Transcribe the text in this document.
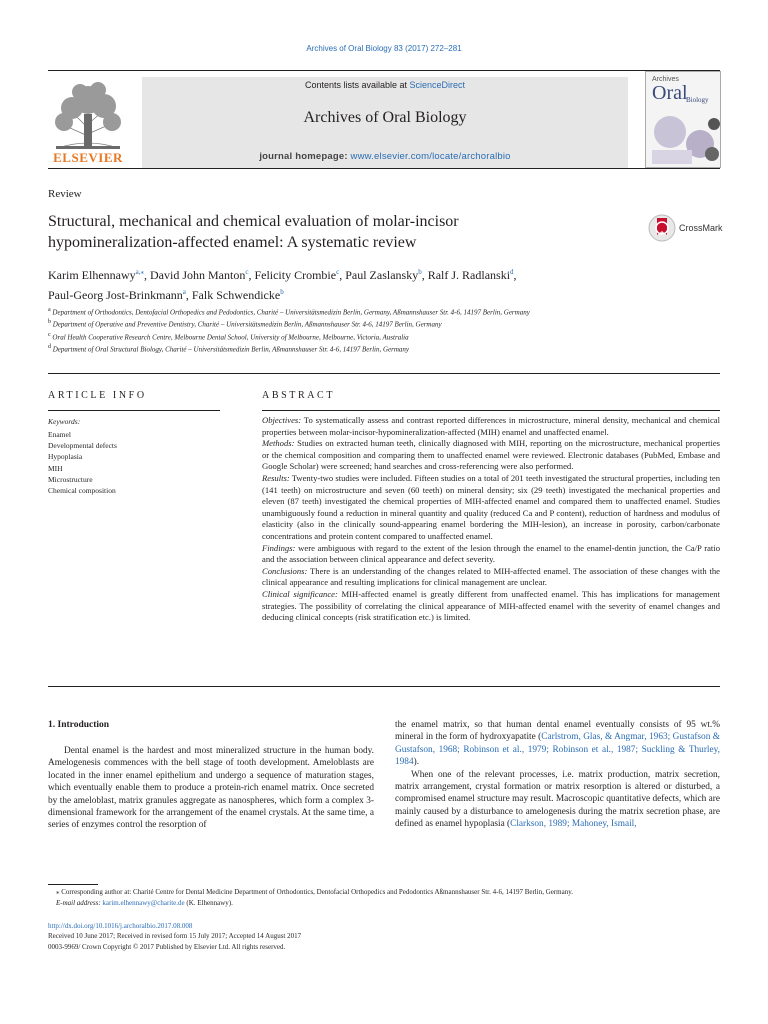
Archives of Oral Biology 83 (2017) 272–281
ELSEVIER
Contents lists available at ScienceDirect
Archives of Oral Biology
journal homepage: www.elsevier.com/locate/archoralbio
Archives
Oral
Biology
Review
Structural, mechanical and chemical evaluation of molar-incisor
hypomineralization-affected enamel: A systematic review
CrossMark
Karim Elhennawy$^{a,⁎}$, David John Manton$^c$, Felicity Crombie$^c$, Paul Zaslansky$^b$, Ralf J. Radlanski$^d$,
Paul-Georg Jost-Brinkmann$^a$, Falk Schwendicke$^b$
$^a$ Department of Orthodontics, Dentofacial Orthopedics and Pedodontics, Charité – Universitätsmedizin Berlin, Germany, Aßmannshauser Str. 4-6, 14197 Berlin, Germany
$^b$ Department of Operative and Preventive Dentistry, Charité – Universitätsmedizin Berlin, Aßmannshauser Str. 4-6, 14197 Berlin, Germany
$^c$ Oral Health Cooperative Research Centre, Melbourne Dental School, University of Melbourne, Melbourne, Victoria, Australia
$^d$ Department of Oral Structural Biology, Charité – Universitätsmedizin Berlin, Aßmannshauser Str. 4-6, 14197 Berlin, Germany
ARTICLE INFO	ABSTRACT
Keywords:
Enamel
Developmental defects
Hypoplasia
MIH
Microstructure
Chemical composition

Objectives: To systematically assess and contrast reported differences in microstructure, mineral density, mechanical and chemical properties between molar-incisor-hypomineralization-affected (MIH) enamel and unaffected enamel.

Methods: Studies on extracted human teeth, clinically diagnosed with MIH, reporting on the microstructure, mechanical properties or the chemical composition and comparing them to unaffected enamel were reviewed. Electronic databases (PubMed, Embase and Google Scholar) were screened; hand searches and cross-referencing were also performed.

Results: Twenty-two studies were included. Fifteen studies on a total of 201 teeth investigated the structural properties, including ten (141 teeth) on microstructure and seven (60 teeth) on mineral density; six (29 teeth) investigated the mechanical properties and eleven (87 teeth) investigated the chemical properties of MIH-affected enamel and compared them to unaffected enamel. Studies unambiguously found a reduction in mineral quantity and quality (reduced Ca and P content), reduction of hardness and modulus of elasticity (also in the clinically sound-appearing enamel bordering the MIH-lesion), an increase in porosity, carbon/carbonate concentrations and protein content compared to unaffected enamel.

Findings: were ambiguous with regard to the extent of the lesion through the enamel to the enamel-dentin junction, the Ca/P ratio and the association between clinical appearance and defect severity.

Conclusions: There is an understanding of the changes related to MIH-affected enamel. The association of these changes with the clinical appearance and resulting implications for clinical management are unclear.

Clinical significance: MIH-affected enamel is greatly different from unaffected enamel. This has implications for management strategies. The possibility of correlating the clinical appearance of MIH-affected enamel with the severity of enamel changes and deducing clinical concepts (risk stratification etc.) is limited.

1. Introduction
Dental enamel is the hardest and most mineralized structure in the human body. Amelogenesis commences with the bell stage of tooth development. Ameloblasts are located in the inner enamel epithelium and undergo a sequence of maturation stages, which eventually enable them to produce a protein-rich enamel matrix. Once secreted by the ameloblast, matrix granules aggregate as nanospheres, which form a complex 3-dimensional framework for the arrangement of the enamel crystals. At the same time, a series of enzymes control the resorption of
the enamel matrix, so that human dental enamel eventually consists of 95 wt.% mineral in the form of hydroxyapatite (Carlstrom, Glas, & Angmar, 1963; Gustafson & Gustafson, 1968; Robinson et al., 1979; Robinson et al., 1987; Suckling & Thurley, 1984).
When one of the relevant processes, i.e. matrix production, matrix secretion, matrix arrangement, crystal formation or matrix resorption is altered or disturbed, a compromised enamel structure may result. Macroscopic quantitative defects, which are mainly caused by a disturbance to amelogenesis during the matrix secretion phase, are defined as enamel hypoplasia (Clarkson, 1989; Mahoney, Ismail,
⁎ Corresponding author at: Charité Centre for Dental Medicine Department of Orthodontics, Dentofacial Orthopedics and Pedodontics Aßmannshauser Str. 4-6, 14197 Berlin, Germany.
E-mail address: karim.elhennawy@charite.de (K. Elhennawy).
http://dx.doi.org/10.1016/j.archoralbio.2017.08.008
Received 10 June 2017; Received in revised form 15 July 2017; Accepted 14 August 2017
0003-9969/ Crown Copyright © 2017 Published by Elsevier Ltd. All rights reserved.
